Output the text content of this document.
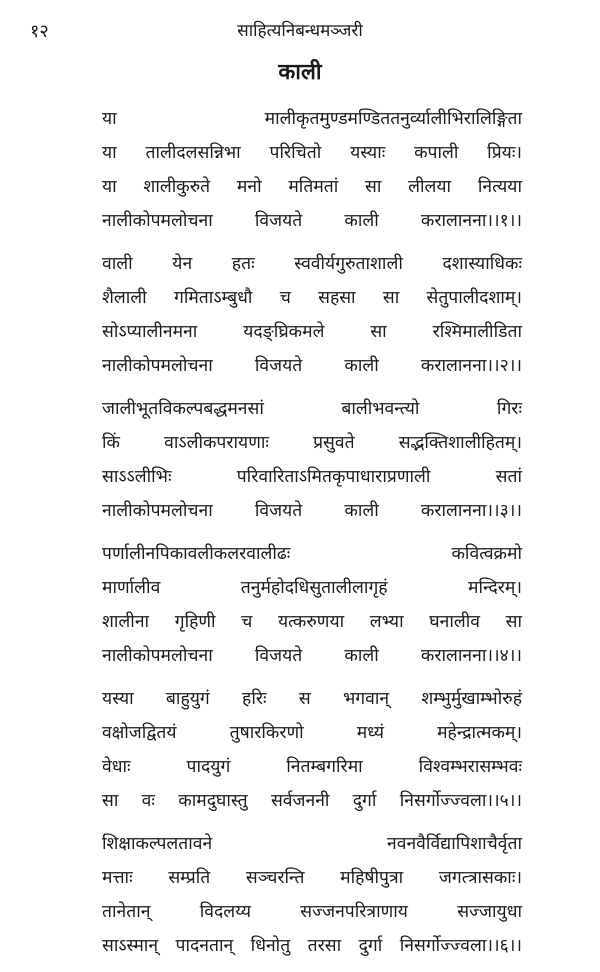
१२	साहित्यनिबन्धमञ्जरी
काली
या मालीकृतमुण्डमण्डिततनुर्व्यालीभिरालिङ्गिता
या तालीदलसन्निभा परिचितो यस्याः कपाली प्रियः।
या शालीकुरुते मनो मतिमतां सा लीलया नित्यया
नालीकोपमलोचना विजयते काली करालानना।।१।।
वाली येन हतः स्ववीर्यगुरुताशाली दशास्याधिकः
शैलाली गमिताऽम्बुधौ च सहसा सा सेतुपालीदशाम्।
सोऽप्यालीनमना यदङ्घ्रिकमले सा रश्मिमालीडिता
नालीकोपमलोचना विजयते काली करालानना।।२।।
जालीभूतविकल्पबद्धमनसां बालीभवन्त्यो गिरः
किं वाऽलीकपरायणाः प्रसुवते सद्भक्तिशालीहितम्।
साऽऽलीभिः परिवारिताऽमितकृपाधाराप्रणाली सतां
नालीकोपमलोचना विजयते काली करालानना।।३।।
पर्णालीनपिकावलीकलरवालीढः कवित्वक्रमो
मार्णालीव तनुर्महोदधिसुतालीलागृहं मन्दिरम्।
शालीना गृहिणी च यत्करुणया लभ्या घनालीव सा
नालीकोपमलोचना विजयते काली करालानना।।४।।
यस्या बाहुयुगं हरिः स भगवान् शम्भुर्मुखाम्भोरुहं
वक्षोजद्वितयं तुषारकिरणो मध्यं महेन्द्रात्मकम्।
वेधाः पादयुगं नितम्बगरिमा विश्वम्भरासम्भवः
सा वः कामदुघास्तु सर्वजननी दुर्गा निसर्गोज्ज्वला।।५।।
शिक्षाकल्पलतावने नवनवैर्विद्यापिशाचैर्वृता
मत्ताः सम्प्रति सञ्चरन्ति महिषीपुत्रा जगत्त्रासकाः।
तानेतान् विदलय्य सज्जनपरित्राणाय सज्जायुधा
साऽस्मान् पादनतान् धिनोतु तरसा दुर्गा निसर्गोज्ज्वला।।६।।
